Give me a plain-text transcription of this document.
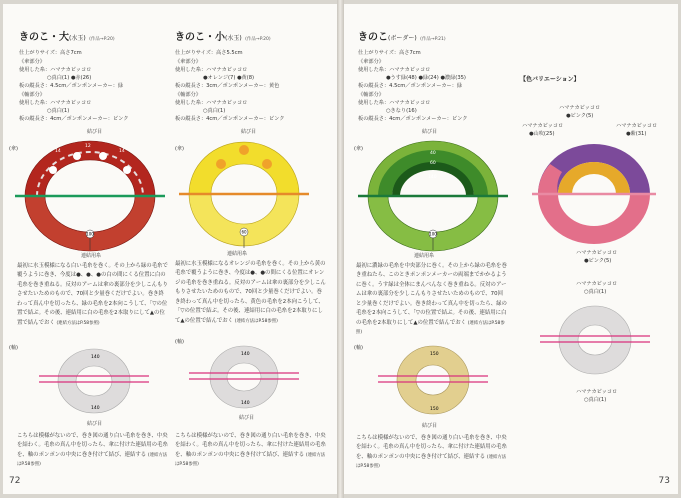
きのこ・大(水玉) (作品→P.20)
仕上がりサイズ：高さ7cm
《傘部分》
使用した糸：ハマナカピッコロ
○真白(1) ●赤(26)
板の縦長さ：4.5cm／ポンポンメーカー：緑
《軸部分》
使用した糸：ハマナカピッコロ
○真白(1)
板の縦長さ：4cm／ポンポンメーカー：ピンク
(傘)
結び目
100
14
12
14
連結用糸
最初に水玉模様になる白い毛糸を巻く。その上から緑の毛糸で覆うように巻き、今度は●、●、●の白の間にくる位置に白の毛糸を巻き重ねる。反対のアームは傘の裏部分を少しこんもりさせたいためのもので、70回と少量巻くだけでよい。巻き終わって真ん中を切ったら、緑の毛糸を2本向こうして、「▽の位置で結ぶ。その後、連結用に白の毛糸を2本取りにして▲の位置で結んでおく (連結方法はP.58参照)
(軸)
140
140
結び目
こちらは模様がないので、巻き図の通り白い毛糸を巻き、中央を結わく。毛糸の真ん中を切ったら、傘に付けた連結用の毛糸を、軸のポンポンの中央に巻き付けて結び、連結する (連結方法はP.58参照)
きのこ・小(水玉) (作品→P.20)
仕上がりサイズ：高さ5.5cm
《傘部分》
使用した糸：ハマナカピッコロ
●オレンジ(7) ●黄(8)
板の縦長さ：3cm／ポンポンメーカー：黄色
《軸部分》
使用した糸：ハマナカピッコロ
○真白(1)
板の縦長さ：4cm／ポンポンメーカー：ピンク
(傘)
結び目
60
連結用糸
最初に水玉模様になるオレンジの毛糸を巻く。その上から黄の毛糸で覆うように巻き、今度は●、●の間にくる位置にオレンジの毛糸を巻き重ねる。反対のアームは傘の裏部分を少しこんもりさせたいためのもので、70回と少量巻くだけでよい。巻き終わって真ん中を切ったら、黄色の毛糸を2本向こうして、「▽の位置で結ぶ。その後、連結用に白の毛糸を2本取りにして▲の位置で結んでおく (連結方法はP.58参照)
(軸)
140
140
結び目
こちらは模様がないので、巻き図の通り白い毛糸を巻き、中央を結わく。毛糸の真ん中を切ったら、傘に付けた連結用の毛糸を、軸のポンポンの中央に巻き付けて結び、連結する (連結方法はP.58参照)
72
きのこ(ボーダー) (作品→P.21)
仕上がりサイズ：高さ7cm
《傘部分》
使用した糸：ハマナカピッコロ
●うす緑(48) ●緑(24) ●濃緑(35)
板の縦長さ：4.5cm／ポンポンメーカー：緑
《軸部分》
使用した糸：ハマナカピッコロ
○きなり(16)
板の縦長さ：4cm／ポンポンメーカー：ピンク
(傘)
結び目
40
60
140
100
連結用糸
最初に濃緑の毛糸を中央部分に巻く。その上から緑の毛糸を巻き重ねたら、このときポンポンメーカーの両端までかかるように巻く。うす緑は全体にまんべんなく巻き重ねる。反対のアームは傘の裏部分を少しこんもりさせたいためのもので、70回と少量巻くだけでよい。巻き終わって真ん中を切ったら、緑の毛糸を2本向こうして、「▽の位置で結ぶ。その後、連結用に白の毛糸を2本取りにして▲の位置で結んでおく (連結方法はP.58参照)
(軸)
150
150
結び目
こちらは模様がないので、巻き図の通り白い毛糸を巻き、中央を結わく。毛糸の真ん中を切ったら、傘に付けた連結用の毛糸を、軸のポンポンの中央に巻き付けて結び、連結する (連結方法はP.58参照)
【色バリエーション】
ハマナカピッコロ
●ピンク(5)
ハマナカピッコロ
●山吹(25)
ハマナカピッコロ
●紫(31)
ハマナカピッコロ
●ピンク(5)
ハマナカピッコロ
○真白(1)
ハマナカピッコロ
○真白(1)
73
